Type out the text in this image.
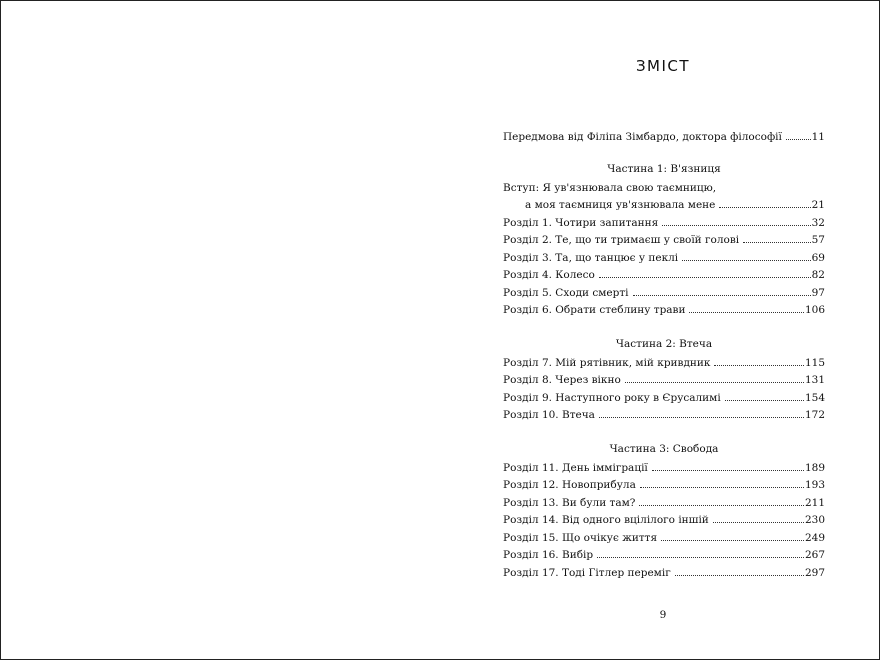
ЗМІСТ
Передмова від Філіпа Зімбардо, доктора філософії	11
Частина 1: В'язниця
Вступ: Я ув'язнювала свою таємницю,
а моя таємниця ув'язнювала мене	21
Розділ 1. Чотири запитання	32
Розділ 2. Те, що ти тримаєш у своїй голові	57
Розділ 3. Та, що танцює у пеклі	69
Розділ 4. Колесо	82
Розділ 5. Сходи смерті	97
Розділ 6. Обрати стеблину трави	106
Частина 2: Втеча
Розділ 7. Мій рятівник, мій кривдник	115
Розділ 8. Через вікно	131
Розділ 9. Наступного року в Єрусалимі	154
Розділ 10. Втеча	172
Частина 3: Свобода
Розділ 11. День імміграції	189
Розділ 12. Новоприбула	193
Розділ 13. Ви були там?	211
Розділ 14. Від одного вцілілого іншій	230
Розділ 15. Що очікує життя	249
Розділ 16. Вибір	267
Розділ 17. Тоді Гітлер переміг	297
9
